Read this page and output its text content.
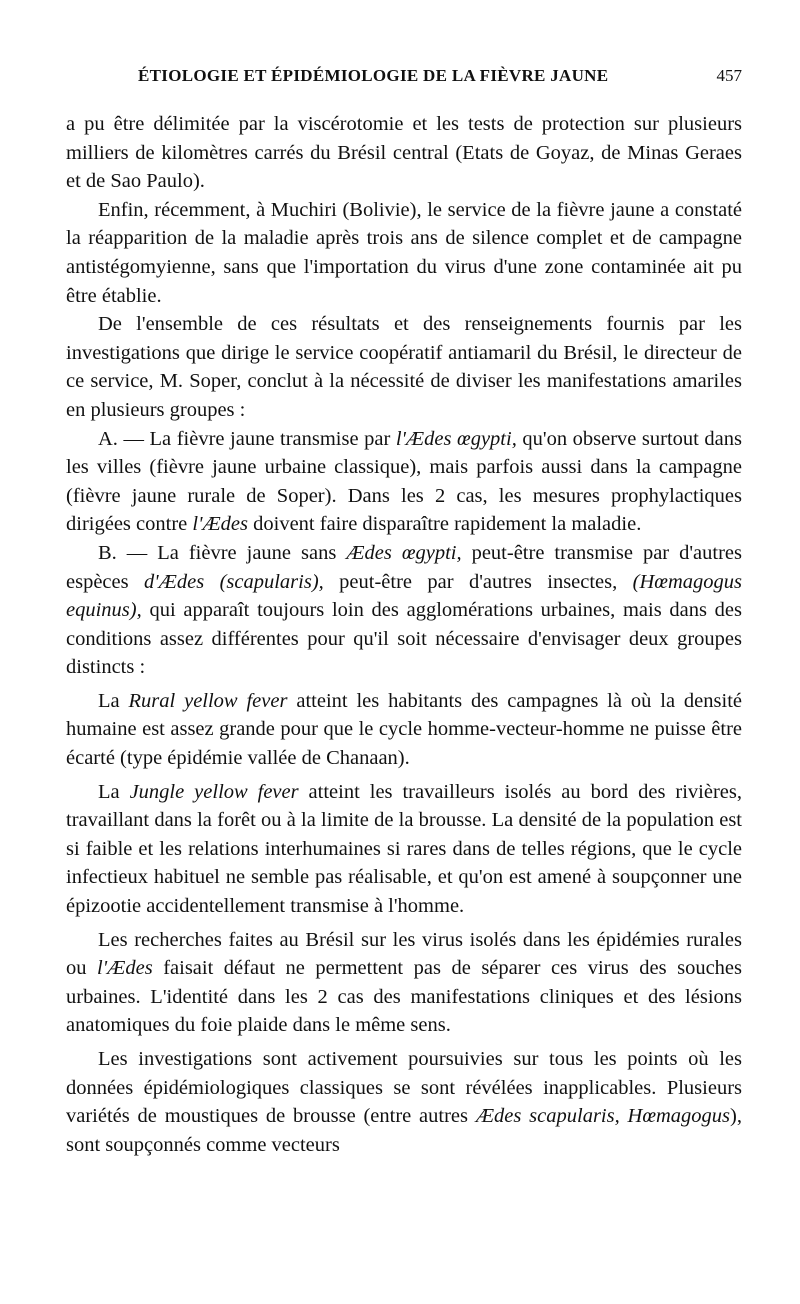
ÉTIOLOGIE ET ÉPIDÉMIOLOGIE DE LA FIÈVRE JAUNE	457

a pu être délimitée par la viscérotomie et les tests de protection sur plusieurs milliers de kilomètres carrés du Brésil central (Etats de Goyaz, de Minas Geraes et de Sao Paulo).

Enfin, récemment, à Muchiri (Bolivie), le service de la fièvre jaune a constaté la réapparition de la maladie après trois ans de silence complet et de campagne antistégomyienne, sans que l'importation du virus d'une zone contaminée ait pu être établie.

De l'ensemble de ces résultats et des renseignements fournis par les investigations que dirige le service coopératif antiamaril du Brésil, le directeur de ce service, M. Soper, conclut à la nécessité de diviser les manifestations amariles en plusieurs groupes :

A. — La fièvre jaune transmise par l'Ædes œgypti, qu'on observe surtout dans les villes (fièvre jaune urbaine classique), mais parfois aussi dans la campagne (fièvre jaune rurale de Soper). Dans les 2 cas, les mesures prophylactiques dirigées contre l'Ædes doivent faire disparaître rapidement la maladie.

B. — La fièvre jaune sans Ædes œgypti, peut-être transmise par d'autres espèces d'Ædes (scapularis), peut-être par d'autres insectes, (Hœmagogus equinus), qui apparaît toujours loin des agglomérations urbaines, mais dans des conditions assez différentes pour qu'il soit nécessaire d'envisager deux groupes distincts :

La Rural yellow fever atteint les habitants des campagnes là où la densité humaine est assez grande pour que le cycle homme-vecteur-homme ne puisse être écarté (type épidémie vallée de Chanaan).

La Jungle yellow fever atteint les travailleurs isolés au bord des rivières, travaillant dans la forêt ou à la limite de la brousse. La densité de la population est si faible et les relations interhumaines si rares dans de telles régions, que le cycle infectieux habituel ne semble pas réalisable, et qu'on est amené à soupçonner une épizootie accidentellement transmise à l'homme.

Les recherches faites au Brésil sur les virus isolés dans les épidémies rurales ou l'Ædes faisait défaut ne permettent pas de séparer ces virus des souches urbaines. L'identité dans les 2 cas des manifestations cliniques et des lésions anatomiques du foie plaide dans le même sens.

Les investigations sont activement poursuivies sur tous les points où les données épidémiologiques classiques se sont révélées inapplicables. Plusieurs variétés de moustiques de brousse (entre autres Ædes scapularis, Hœmagogus), sont soupçonnés comme vecteurs
